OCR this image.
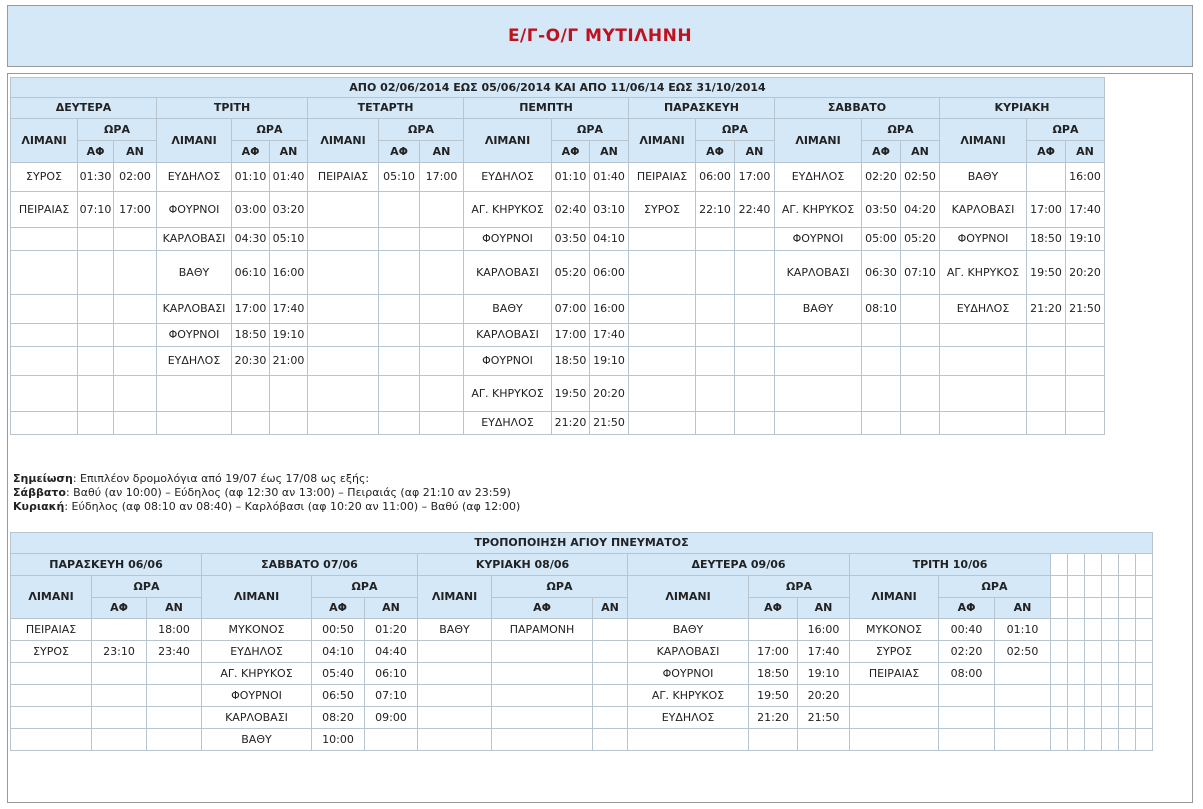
Ε/Γ-Ο/Γ ΜΥΤΙΛΗΝΗ
ΑΠΟ 02/06/2014 ΕΩΣ 05/06/2014 ΚΑΙ ΑΠΟ 11/06/14 ΕΩΣ 31/10/2014																				
ΔΕΥΤΕΡΑ			ΤΡΙΤΗ			ΤΕΤΑΡΤΗ			ΠΕΜΠΤΗ			ΠΑΡΑΣΚΕΥΗ			ΣΑΒΒΑΤΟ			ΚΥΡΙΑΚΗ		
ΛΙΜΑΝΙ	ΩΡΑ		ΛΙΜΑΝΙ	ΩΡΑ		ΛΙΜΑΝΙ	ΩΡΑ		ΛΙΜΑΝΙ	ΩΡΑ		ΛΙΜΑΝΙ	ΩΡΑ		ΛΙΜΑΝΙ	ΩΡΑ		ΛΙΜΑΝΙ	ΩΡΑ	
	ΑΦ	ΑΝ		ΑΦ	ΑΝ		ΑΦ	ΑΝ		ΑΦ	ΑΝ		ΑΦ	ΑΝ		ΑΦ	ΑΝ		ΑΦ	ΑΝ
ΣΥΡΟΣ	01:30	02:00	ΕΥΔΗΛΟΣ	01:10	01:40	ΠΕΙΡΑΙΑΣ	05:10	17:00	ΕΥΔΗΛΟΣ	01:10	01:40	ΠΕΙΡΑΙΑΣ	06:00	17:00	ΕΥΔΗΛΟΣ	02:20	02:50	ΒΑΘΥ		16:00
ΠΕΙΡΑΙΑΣ	07:10	17:00	ΦΟΥΡΝΟΙ	03:00	03:20				ΑΓ. ΚΗΡΥΚΟΣ	02:40	03:10	ΣΥΡΟΣ	22:10	22:40	ΑΓ. ΚΗΡΥΚΟΣ	03:50	04:20	ΚΑΡΛΟΒΑΣΙ	17:00	17:40
			ΚΑΡΛΟΒΑΣΙ	04:30	05:10				ΦΟΥΡΝΟΙ	03:50	04:10				ΦΟΥΡΝΟΙ	05:00	05:20	ΦΟΥΡΝΟΙ	18:50	19:10
			ΒΑΘΥ	06:10	16:00				ΚΑΡΛΟΒΑΣΙ	05:20	06:00				ΚΑΡΛΟΒΑΣΙ	06:30	07:10	ΑΓ. ΚΗΡΥΚΟΣ	19:50	20:20
			ΚΑΡΛΟΒΑΣΙ	17:00	17:40				ΒΑΘΥ	07:00	16:00				ΒΑΘΥ	08:10		ΕΥΔΗΛΟΣ	21:20	21:50
			ΦΟΥΡΝΟΙ	18:50	19:10				ΚΑΡΛΟΒΑΣΙ	17:00	17:40									
			ΕΥΔΗΛΟΣ	20:30	21:00				ΦΟΥΡΝΟΙ	18:50	19:10									
									ΑΓ. ΚΗΡΥΚΟΣ	19:50	20:20									
									ΕΥΔΗΛΟΣ	21:20	21:50									
Σημείωση: Επιπλέον δρομολόγια από 19/07 έως 17/08 ως εξής:
Σάββατο: Βαθύ (αν 10:00) – Εύδηλος (αφ 12:30 αν 13:00) – Πειραιάς (αφ 21:10 αν 23:59)
Κυριακή: Εύδηλος (αφ 08:10 αν 08:40) – Καρλόβασι (αφ 10:20 αν 11:00) – Βαθύ (αφ 12:00)
ΤΡΟΠΟΠΟΙΗΣΗ ΑΓΙΟΥ ΠΝΕΥΜΑΤΟΣ																				
ΠΑΡΑΣΚΕΥΗ 06/06			ΣΑΒΒΑΤΟ 07/06			ΚΥΡΙΑΚΗ 08/06			ΔΕΥΤΕΡΑ 09/06			ΤΡΙΤΗ 10/06								
ΛΙΜΑΝΙ	ΩΡΑ		ΛΙΜΑΝΙ	ΩΡΑ		ΛΙΜΑΝΙ	ΩΡΑ		ΛΙΜΑΝΙ	ΩΡΑ		ΛΙΜΑΝΙ	ΩΡΑ							
	ΑΦ	ΑΝ		ΑΦ	ΑΝ		ΑΦ	ΑΝ		ΑΦ	ΑΝ		ΑΦ	ΑΝ						
ΠΕΙΡΑΙΑΣ		18:00	ΜΥΚΟΝΟΣ	00:50	01:20	ΒΑΘΥ	ΠΑΡΑΜΟΝΗ		ΒΑΘΥ		16:00	ΜΥΚΟΝΟΣ	00:40	01:10						
ΣΥΡΟΣ	23:10	23:40	ΕΥΔΗΛΟΣ	04:10	04:40				ΚΑΡΛΟΒΑΣΙ	17:00	17:40	ΣΥΡΟΣ	02:20	02:50						
			ΑΓ. ΚΗΡΥΚΟΣ	05:40	06:10				ΦΟΥΡΝΟΙ	18:50	19:10	ΠΕΙΡΑΙΑΣ	08:00							
			ΦΟΥΡΝΟΙ	06:50	07:10				ΑΓ. ΚΗΡΥΚΟΣ	19:50	20:20									
			ΚΑΡΛΟΒΑΣΙ	08:20	09:00				ΕΥΔΗΛΟΣ	21:20	21:50									
			ΒΑΘΥ	10:00																
